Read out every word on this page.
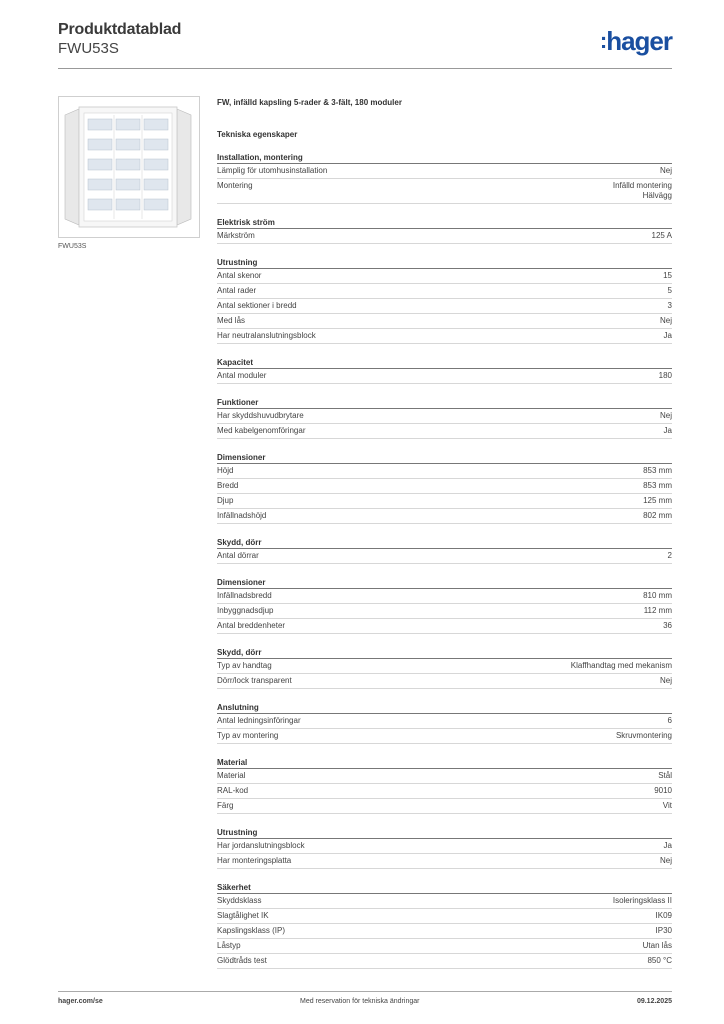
Produktdatablad
FWU53S	:hager
FWU53S
FW, infälld kapsling 5-rader & 3-fält, 180 moduler
Tekniska egenskaper
Installation, montering
Lämplig för utomhusinstallation	Nej
Montering	Infälld montering
Hälvägg
Elektrisk ström
Märkström	125 A
Utrustning
Antal skenor	15
Antal rader	5
Antal sektioner i bredd	3
Med lås	Nej
Har neutralanslutningsblock	Ja
Kapacitet
Antal moduler	180
Funktioner
Har skyddshuvudbrytare	Nej
Med kabelgenomföringar	Ja
Dimensioner
Höjd	853 mm
Bredd	853 mm
Djup	125 mm
Infällnadshöjd	802 mm
Skydd, dörr
Antal dörrar	2
Dimensioner
Infällnadsbredd	810 mm
Inbyggnadsdjup	112 mm
Antal breddenheter	36
Skydd, dörr
Typ av handtag	Klaffhandtag med mekanism
Dörr/lock transparent	Nej
Anslutning
Antal ledningsinföringar	6
Typ av montering	Skruvmontering
Material
Material	Stål
RAL-kod	9010
Färg	Vit
Utrustning
Har jordanslutningsblock	Ja
Har monteringsplatta	Nej
Säkerhet
Skyddsklass	Isoleringsklass II
Slagtålighet IK	IK09
Kapslingsklass (IP)	IP30
Låstyp	Utan lås
Glödtråds test	850 °C
hager.com/se	Med reservation för tekniska ändringar	09.12.2025
